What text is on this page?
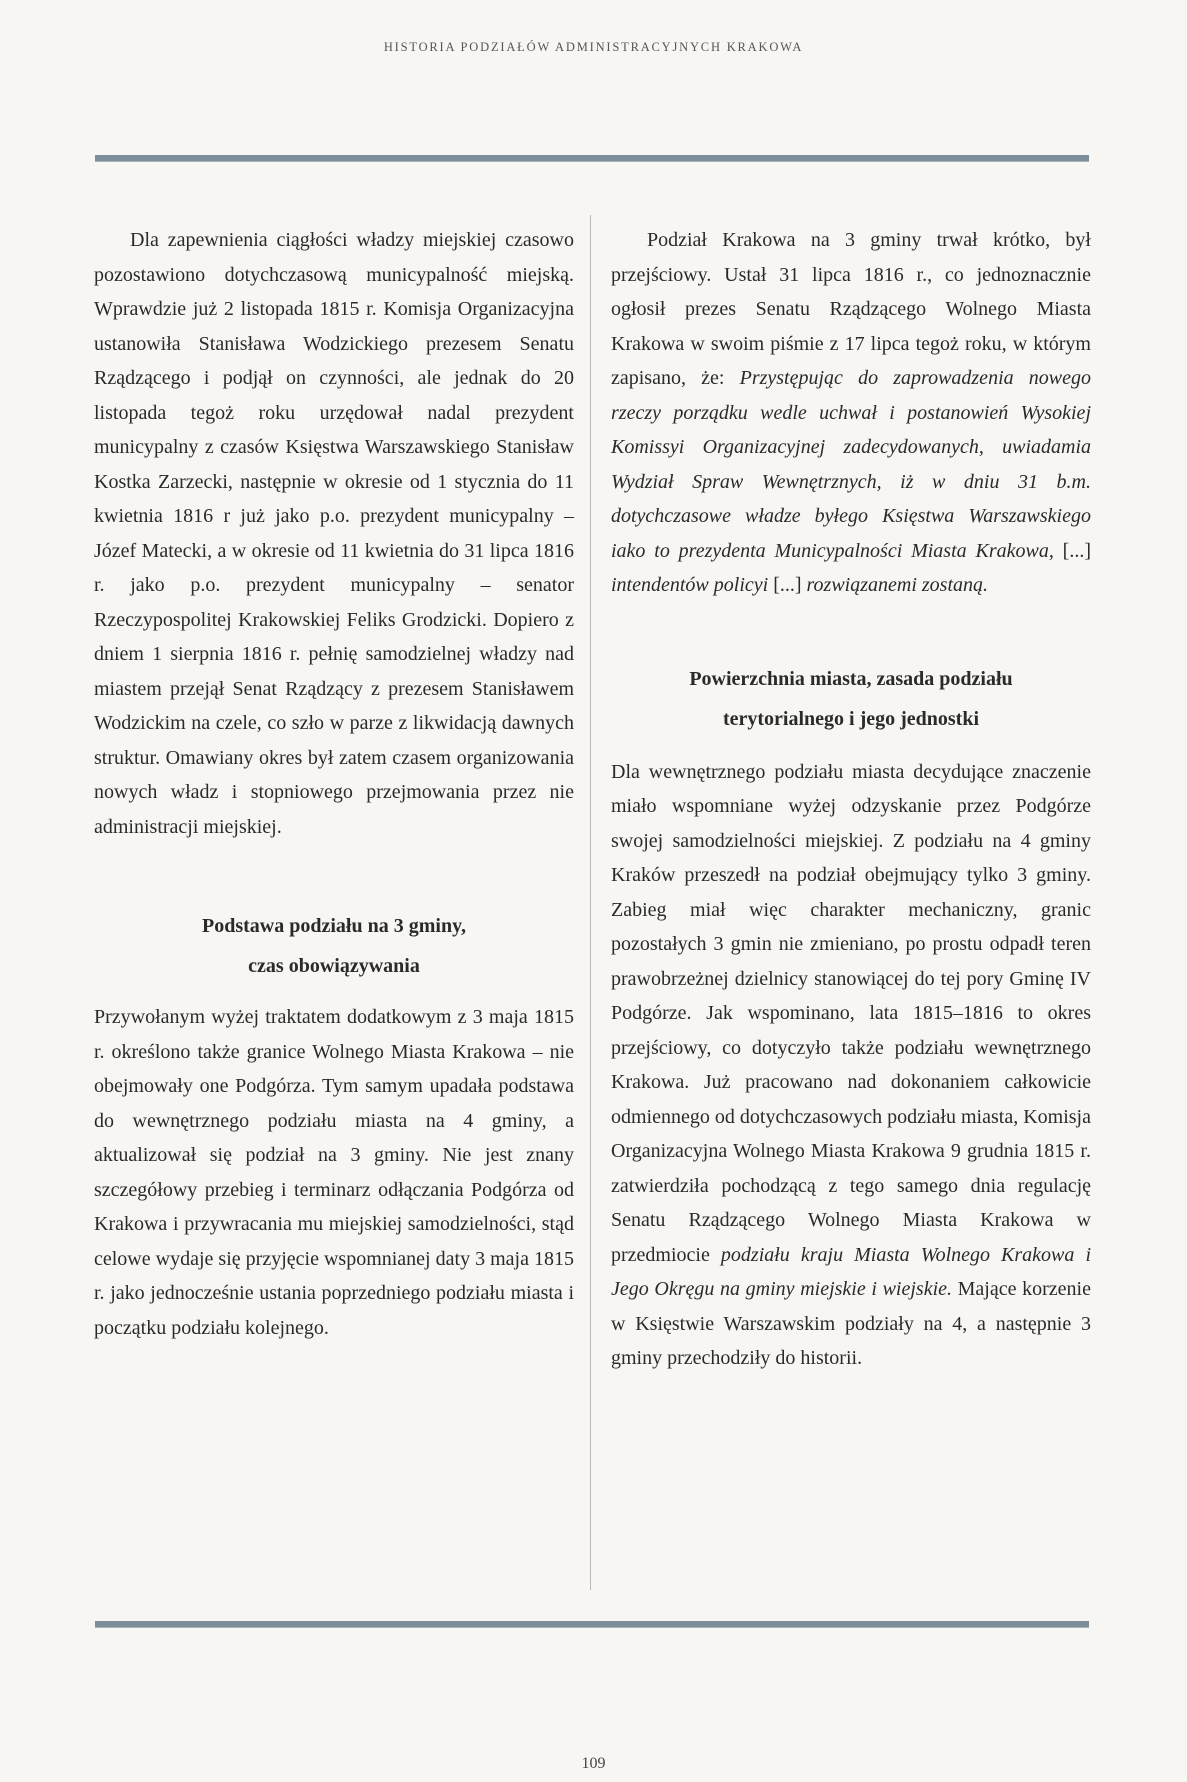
HISTORIA PODZIAŁÓW ADMINISTRACYJNYCH KRAKOWA

Dla zapewnienia ciągłości władzy miejskiej czasowo pozostawiono dotychczasową municypalność miejską. Wprawdzie już 2 listopada 1815 r. Komisja Organizacyjna ustanowiła Stanisława Wodzickiego prezesem Senatu Rządzącego i podjął on czynności, ale jednak do 20 listopada tegoż roku urzędował nadal prezydent municypalny z czasów Księstwa Warszawskiego Stanisław Kostka Zarzecki, następnie w okresie od 1 stycznia do 11 kwietnia 1816 r już jako p.o. prezydent municypalny – Józef Matecki, a w okresie od 11 kwietnia do 31 lipca 1816 r. jako p.o. prezydent municypalny – senator Rzeczypospolitej Krakowskiej Feliks Grodzicki. Dopiero z dniem 1 sierpnia 1816 r. pełnię samodzielnej władzy nad miastem przejął Senat Rządzący z prezesem Stanisławem Wodzickim na czele, co szło w parze z likwidacją dawnych struktur. Omawiany okres był zatem czasem organizowania nowych władz i stopniowego przejmowania przez nie administracji miejskiej.

Podstawa podziału na 3 gminy,
czas obowiązywania

Przywołanym wyżej traktatem dodatkowym z 3 maja 1815 r. określono także granice Wolnego Miasta Krakowa – nie obejmowały one Podgórza. Tym samym upadała podstawa do wewnętrznego podziału miasta na 4 gminy, a aktualizował się podział na 3 gminy. Nie jest znany szczegółowy przebieg i terminarz odłączania Podgórza od Krakowa i przywracania mu miejskiej samodzielności, stąd celowe wydaje się przyjęcie wspomnianej daty 3 maja 1815 r. jako jednocześnie ustania poprzedniego podziału miasta i początku podziału kolejnego.

Podział Krakowa na 3 gminy trwał krótko, był przejściowy. Ustał 31 lipca 1816 r., co jednoznacznie ogłosił prezes Senatu Rządzącego Wolnego Miasta Krakowa w swoim piśmie z 17 lipca tegoż roku, w którym zapisano, że: Przystępując do zaprowadzenia nowego rzeczy porządku wedle uchwał i postanowień Wysokiej Komissyi Organizacyjnej zadecydowanych, uwiadamia Wydział Spraw Wewnętrznych, iż w dniu 31 b.m. dotychczasowe władze byłego Księstwa Warszawskiego iako to prezydenta Municypalności Miasta Krakowa, [...] intendentów policyi [...] rozwiązanemi zostaną.

Powierzchnia miasta, zasada podziału
terytorialnego i jego jednostki

Dla wewnętrznego podziału miasta decydujące znaczenie miało wspomniane wyżej odzyskanie przez Podgórze swojej samodzielności miejskiej. Z podziału na 4 gminy Kraków przeszedł na podział obejmujący tylko 3 gminy. Zabieg miał więc charakter mechaniczny, granic pozostałych 3 gmin nie zmieniano, po prostu odpadł teren prawobrzeżnej dzielnicy stanowiącej do tej pory Gminę IV Podgórze. Jak wspominano, lata 1815–1816 to okres przejściowy, co dotyczyło także podziału wewnętrznego Krakowa. Już pracowano nad dokonaniem całkowicie odmiennego od dotychczasowych podziału miasta, Komisja Organizacyjna Wolnego Miasta Krakowa 9 grudnia 1815 r. zatwierdziła pochodzącą z tego samego dnia regulację Senatu Rządzącego Wolnego Miasta Krakowa w przedmiocie podziału kraju Miasta Wolnego Krakowa i Jego Okręgu na gminy miejskie i wiejskie. Mające korzenie w Księstwie Warszawskim podziały na 4, a następnie 3 gminy przechodziły do historii.

109
